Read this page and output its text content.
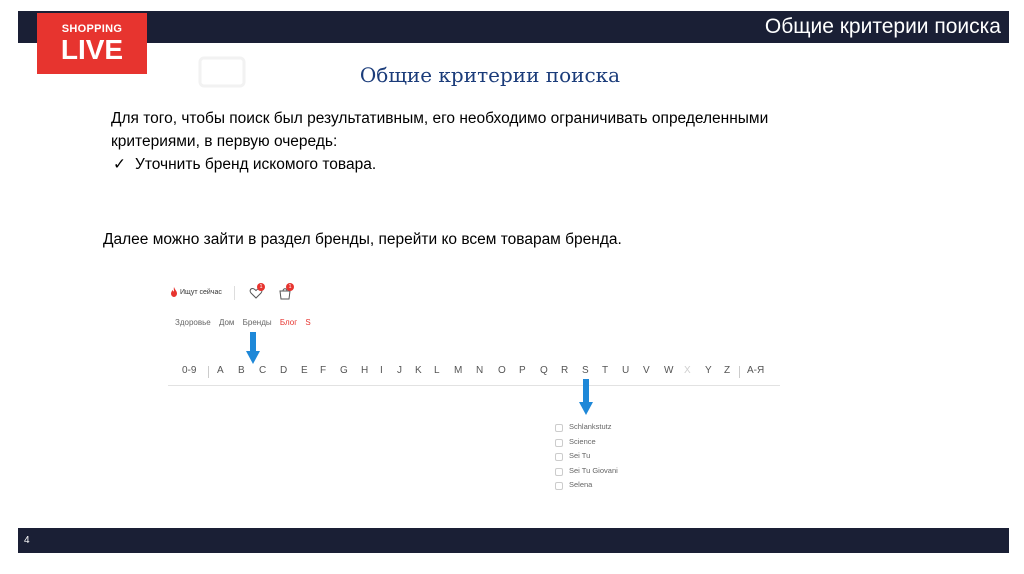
Общие критерии поиска
SHOPPING
LIVE
Общие критерии поиска
Для того, чтобы поиск был результативным, его необходимо ограничивать определенными критериями, в первую очередь:
✓ Уточнить бренд искомого товара.
Далее можно зайти в раздел бренды, перейти ко всем товарам бренда.
Ищут сейчас
1	1
Здоровье Дом Бренды Блог S
0-9 A B C D E F G H I J K L M N O P Q R S T U V W X Y Z A-Я
Schlankstutz
Science
Sei Tu
Sei Tu Giovani
Selena
4
